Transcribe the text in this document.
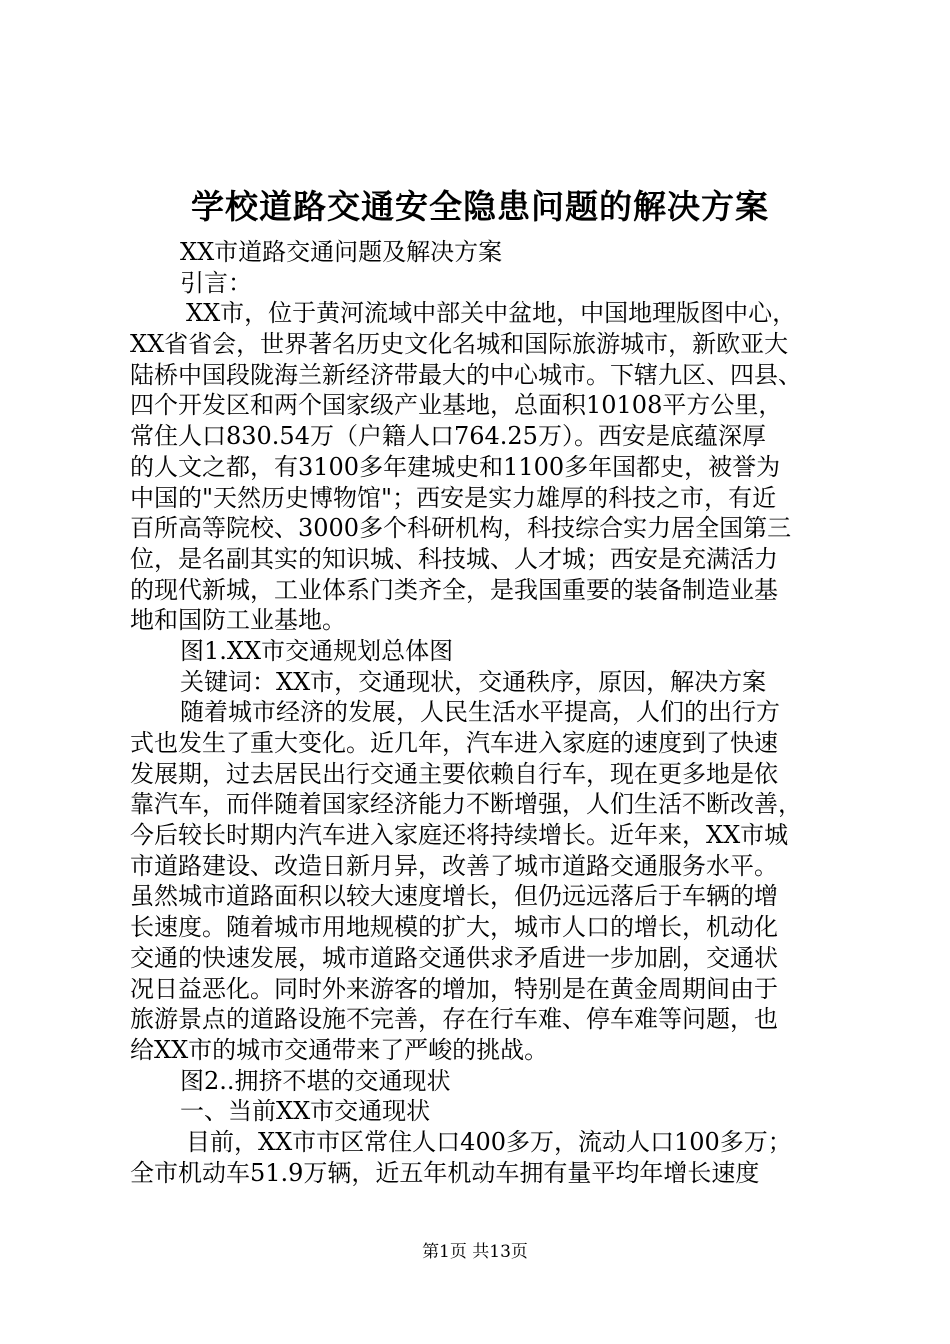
学校道路交通安全隐患问题的解决方案
XX市道路交通问题及解决方案
引言：
XX市，位于黄河流域中部关中盆地，中国地理版图中心，
XX省省会，世界著名历史文化名城和国际旅游城市，新欧亚大
陆桥中国段陇海兰新经济带最大的中心城市。下辖九区、四县、
四个开发区和两个国家级产业基地，总面积10108平方公里，
常住人口830.54万（户籍人口764.25万）。西安是底蕴深厚
的人文之都，有3100多年建城史和1100多年国都史，被誉为
中国的"天然历史博物馆"；西安是实力雄厚的科技之市，有近
百所高等院校、3000多个科研机构，科技综合实力居全国第三
位，是名副其实的知识城、科技城、人才城；西安是充满活力
的现代新城，工业体系门类齐全，是我国重要的装备制造业基
地和国防工业基地。
图1.XX市交通规划总体图
关键词：XX市，交通现状，交通秩序，原因，解决方案
随着城市经济的发展，人民生活水平提高，人们的出行方
式也发生了重大变化。近几年，汽车进入家庭的速度到了快速
发展期，过去居民出行交通主要依赖自行车，现在更多地是依
靠汽车，而伴随着国家经济能力不断增强，人们生活不断改善，
今后较长时期内汽车进入家庭还将持续增长。近年来，XX市城
市道路建设、改造日新月异，改善了城市道路交通服务水平。
虽然城市道路面积以较大速度增长，但仍远远落后于车辆的增
长速度。随着城市用地规模的扩大，城市人口的增长，机动化
交通的快速发展，城市道路交通供求矛盾进一步加剧，交通状
况日益恶化。同时外来游客的增加，特别是在黄金周期间由于
旅游景点的道路设施不完善，存在行车难、停车难等问题，也
给XX市的城市交通带来了严峻的挑战。
图2..拥挤不堪的交通现状
一、当前XX市交通现状
目前，XX市市区常住人口400多万，流动人口100多万；
全市机动车51.9万辆，近五年机动车拥有量平均年增长速度
第1页 共13页
